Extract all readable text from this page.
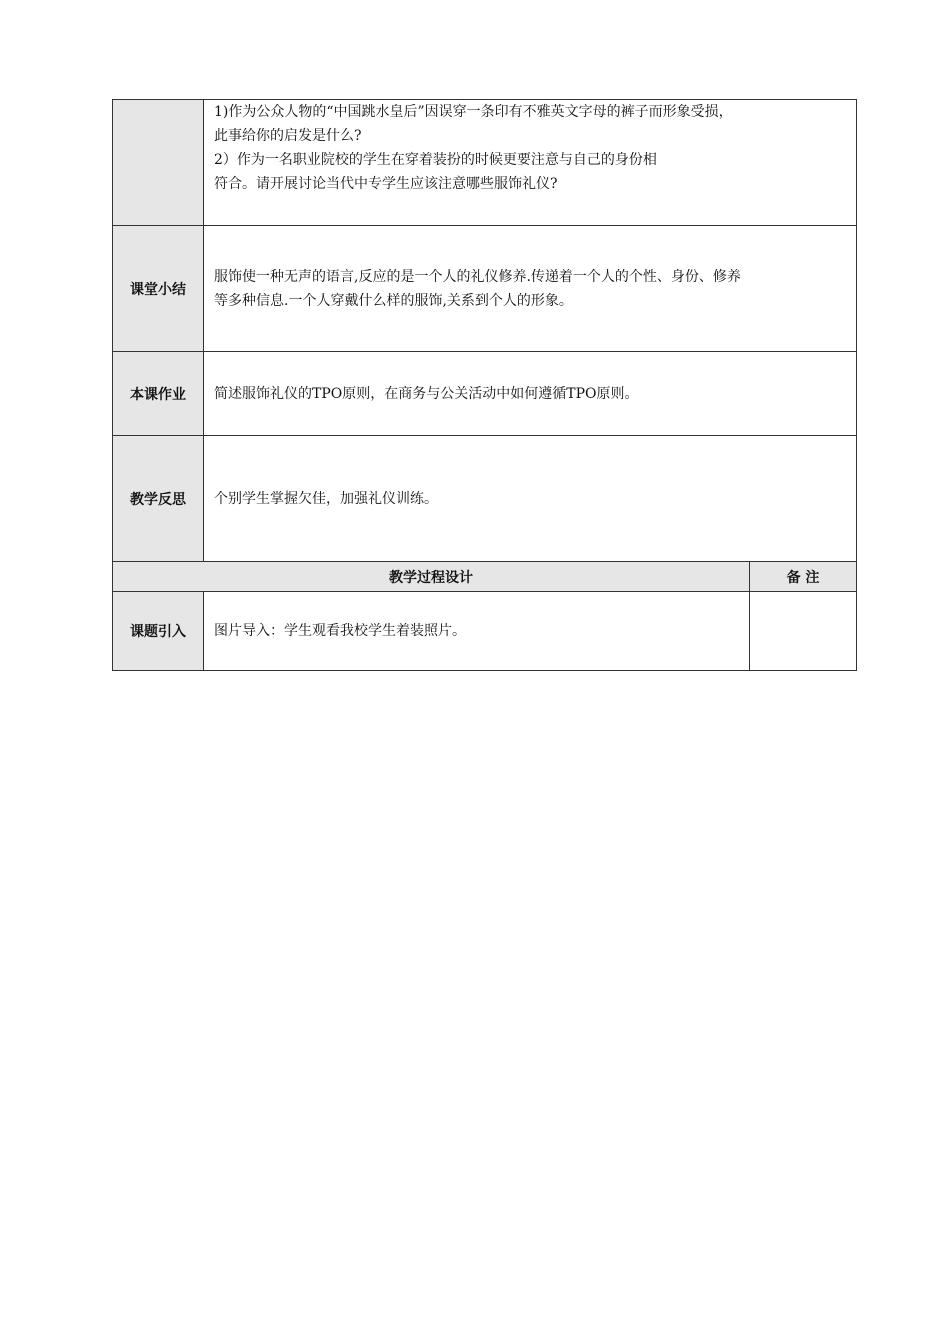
	1)作为公众人物的“中国跳水皇后”因误穿一条印有不雅英文字母的裤子而形象受损，

此事给你的启发是什么?

2）作为一名职业院校的学生在穿着装扮的时候更要注意与自己的身份相

符合。请开展讨论当代中专学生应该注意哪些服饰礼仪?	

课堂小结	服饰使一种无声的语言,反应的是一个人的礼仪修养.传递着一个人的个性、身份、修养

等多种信息.一个人穿戴什么样的服饰,关系到个人的形象。	

本课作业	简述服饰礼仪的TPO原则，在商务与公关活动中如何遵循TPO原则。	

教学反思	个别学生掌握欠佳，加强礼仪训练。	

教学过程设计		备 注
课题引入	图片导入：学生观看我校学生着装照片。	
